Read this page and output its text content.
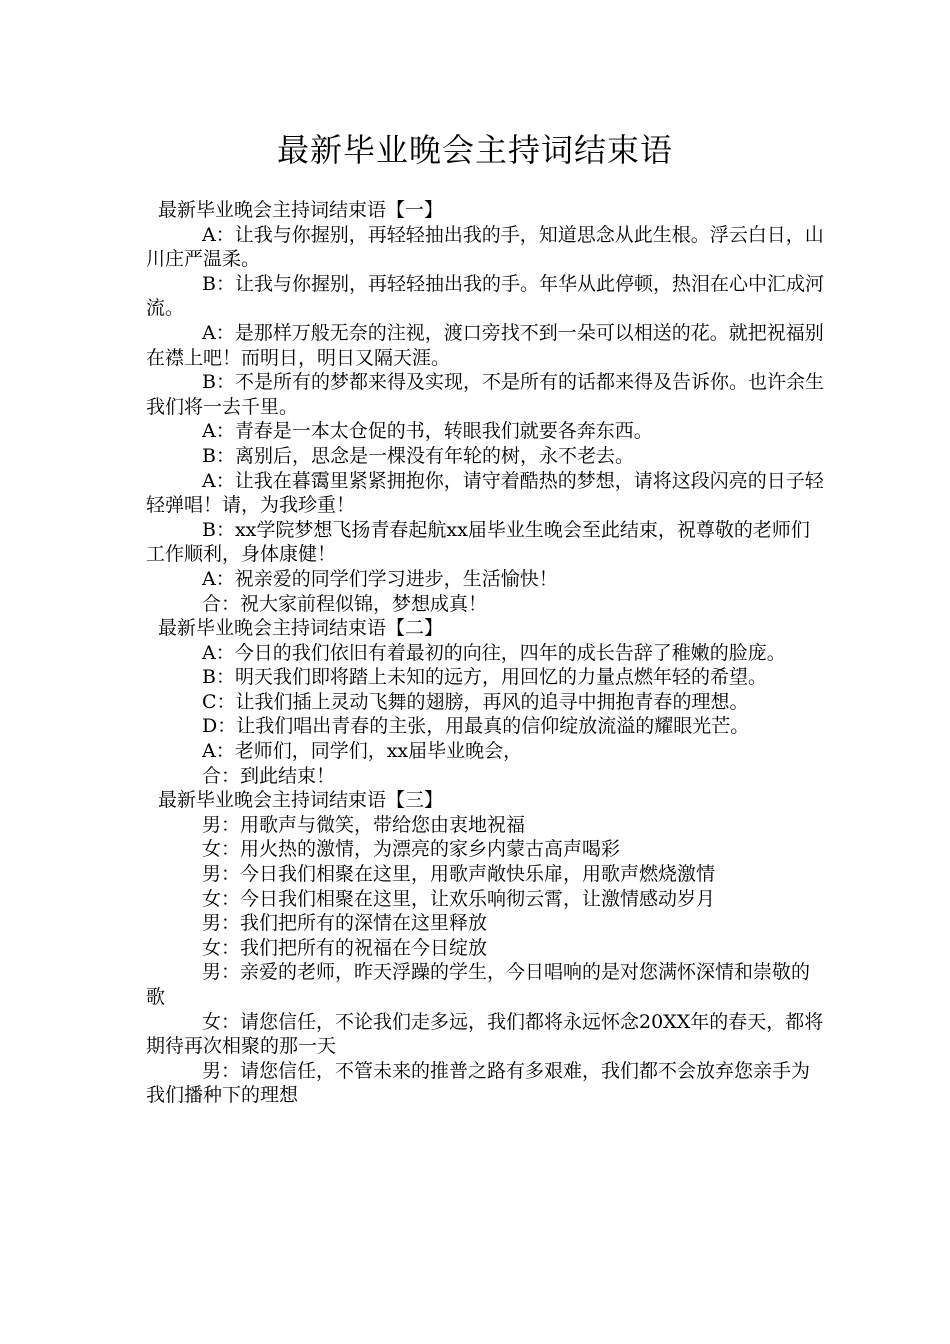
最新毕业晚会主持词结束语

最新毕业晚会主持词结束语【一】

A：让我与你握别，再轻轻抽出我的手，知道思念从此生根。浮云白日，山川庄严温柔。

B：让我与你握别，再轻轻抽出我的手。年华从此停顿，热泪在心中汇成河流。

A：是那样万般无奈的注视，渡口旁找不到一朵可以相送的花。就把祝福别在襟上吧！而明日，明日又隔天涯。

B：不是所有的梦都来得及实现，不是所有的话都来得及告诉你。也许余生我们将一去千里。

A：青春是一本太仓促的书，转眼我们就要各奔东西。

B：离别后，思念是一棵没有年轮的树，永不老去。

A：让我在暮霭里紧紧拥抱你，请守着酷热的梦想，请将这段闪亮的日子轻轻弹唱！请，为我珍重！

B：xx学院梦想飞扬青春起航xx届毕业生晚会至此结束，祝尊敬的老师们工作顺利，身体康健！

A：祝亲爱的同学们学习进步，生活愉快！

合：祝大家前程似锦，梦想成真！

最新毕业晚会主持词结束语【二】

A：今日的我们依旧有着最初的向往，四年的成长告辞了稚嫩的脸庞。

B：明天我们即将踏上未知的远方，用回忆的力量点燃年轻的希望。

C：让我们插上灵动飞舞的翅膀，再风的追寻中拥抱青春的理想。

D：让我们唱出青春的主张，用最真的信仰绽放流溢的耀眼光芒。

A：老师们，同学们，xx届毕业晚会，

合：到此结束！

最新毕业晚会主持词结束语【三】

男：用歌声与微笑，带给您由衷地祝福

女：用火热的激情，为漂亮的家乡内蒙古高声喝彩

男：今日我们相聚在这里，用歌声敞快乐扉，用歌声燃烧激情

女：今日我们相聚在这里，让欢乐响彻云霄，让激情感动岁月

男：我们把所有的深情在这里释放

女：我们把所有的祝福在今日绽放

男：亲爱的老师，昨天浮躁的学生，今日唱响的是对您满怀深情和崇敬的歌

女：请您信任，不论我们走多远，我们都将永远怀念20XX年的春天，都将期待再次相聚的那一天

男：请您信任，不管未来的推普之路有多艰难，我们都不会放弃您亲手为我们播种下的理想
